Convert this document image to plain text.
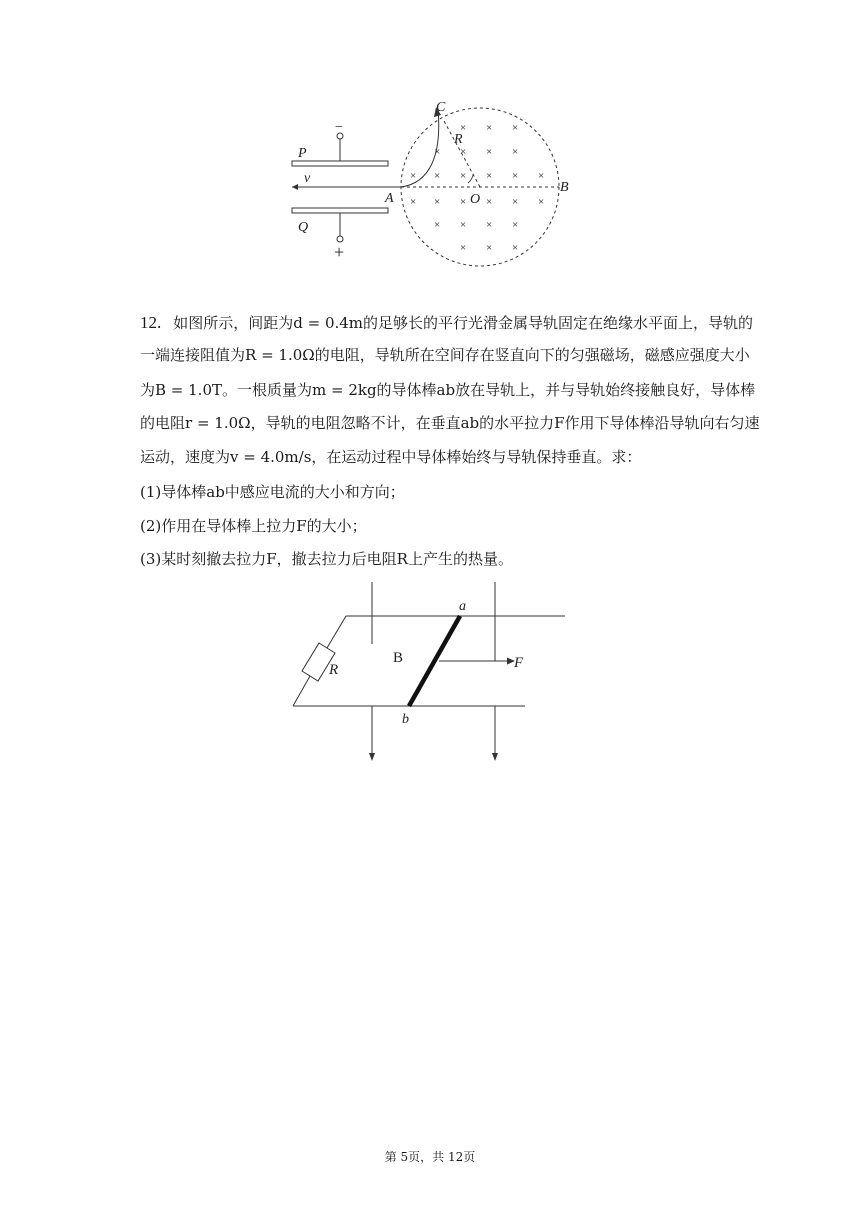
× × ×
× × × ×
× × × × × ×
× × × × × ×
× × × ×
× × ×
C
R
P
v
B
A	O
Q
−
+
12. 如图所示，间距为d = 0.4m的足够长的平行光滑金属导轨固定在绝缘水平面上，导轨的
一端连接阻值为R = 1.0Ω的电阻，导轨所在空间存在竖直向下的匀强磁场，磁感应强度大小
为B = 1.0T。一根质量为m = 2kg的导体棒ab放在导轨上，并与导轨始终接触良好，导体棒
的电阻r = 1.0Ω，导轨的电阻忽略不计，在垂直ab的水平拉力F作用下导体棒沿导轨向右匀速
运动，速度为v = 4.0m/s，在运动过程中导体棒始终与导轨保持垂直。求：
(1)导体棒ab中感应电流的大小和方向；
(2)作用在导体棒上拉力F的大小；
(3)某时刻撤去拉力F，撤去拉力后电阻R上产生的热量。
a
b
R
B	F
第 5页，共 12页
